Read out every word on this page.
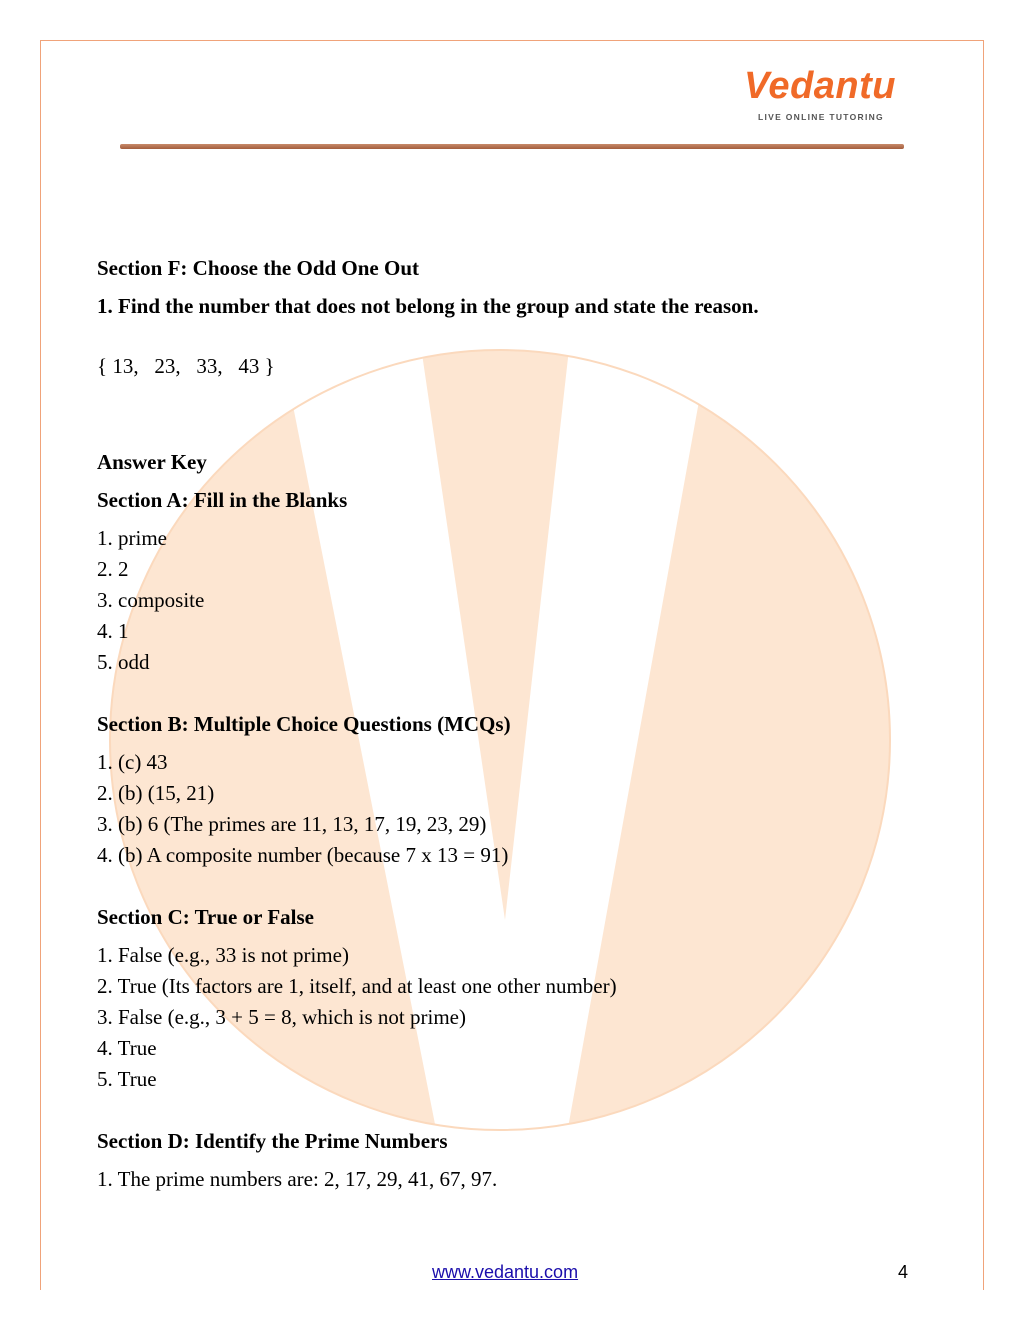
Vedantu
LIVE ONLINE TUTORING
Section F: Choose the Odd One Out
1. Find the number that does not belong in the group and state the reason.
{ 13,   23,   33,   43 }
Answer Key
Section A: Fill in the Blanks
1. prime
2. 2
3. composite
4. 1
5. odd
Section B: Multiple Choice Questions (MCQs)
1. (c) 43
2. (b) (15, 21)
3. (b) 6 (The primes are 11, 13, 17, 19, 23, 29)
4. (b) A composite number (because 7 x 13 = 91)
Section C: True or False
1. False (e.g., 33 is not prime)
2. True (Its factors are 1, itself, and at least one other number)
3. False (e.g., 3 + 5 = 8, which is not prime)
4. True
5. True
Section D: Identify the Prime Numbers
1. The prime numbers are: 2, 17, 29, 41, 67, 97.
www.vedantu.com	4
